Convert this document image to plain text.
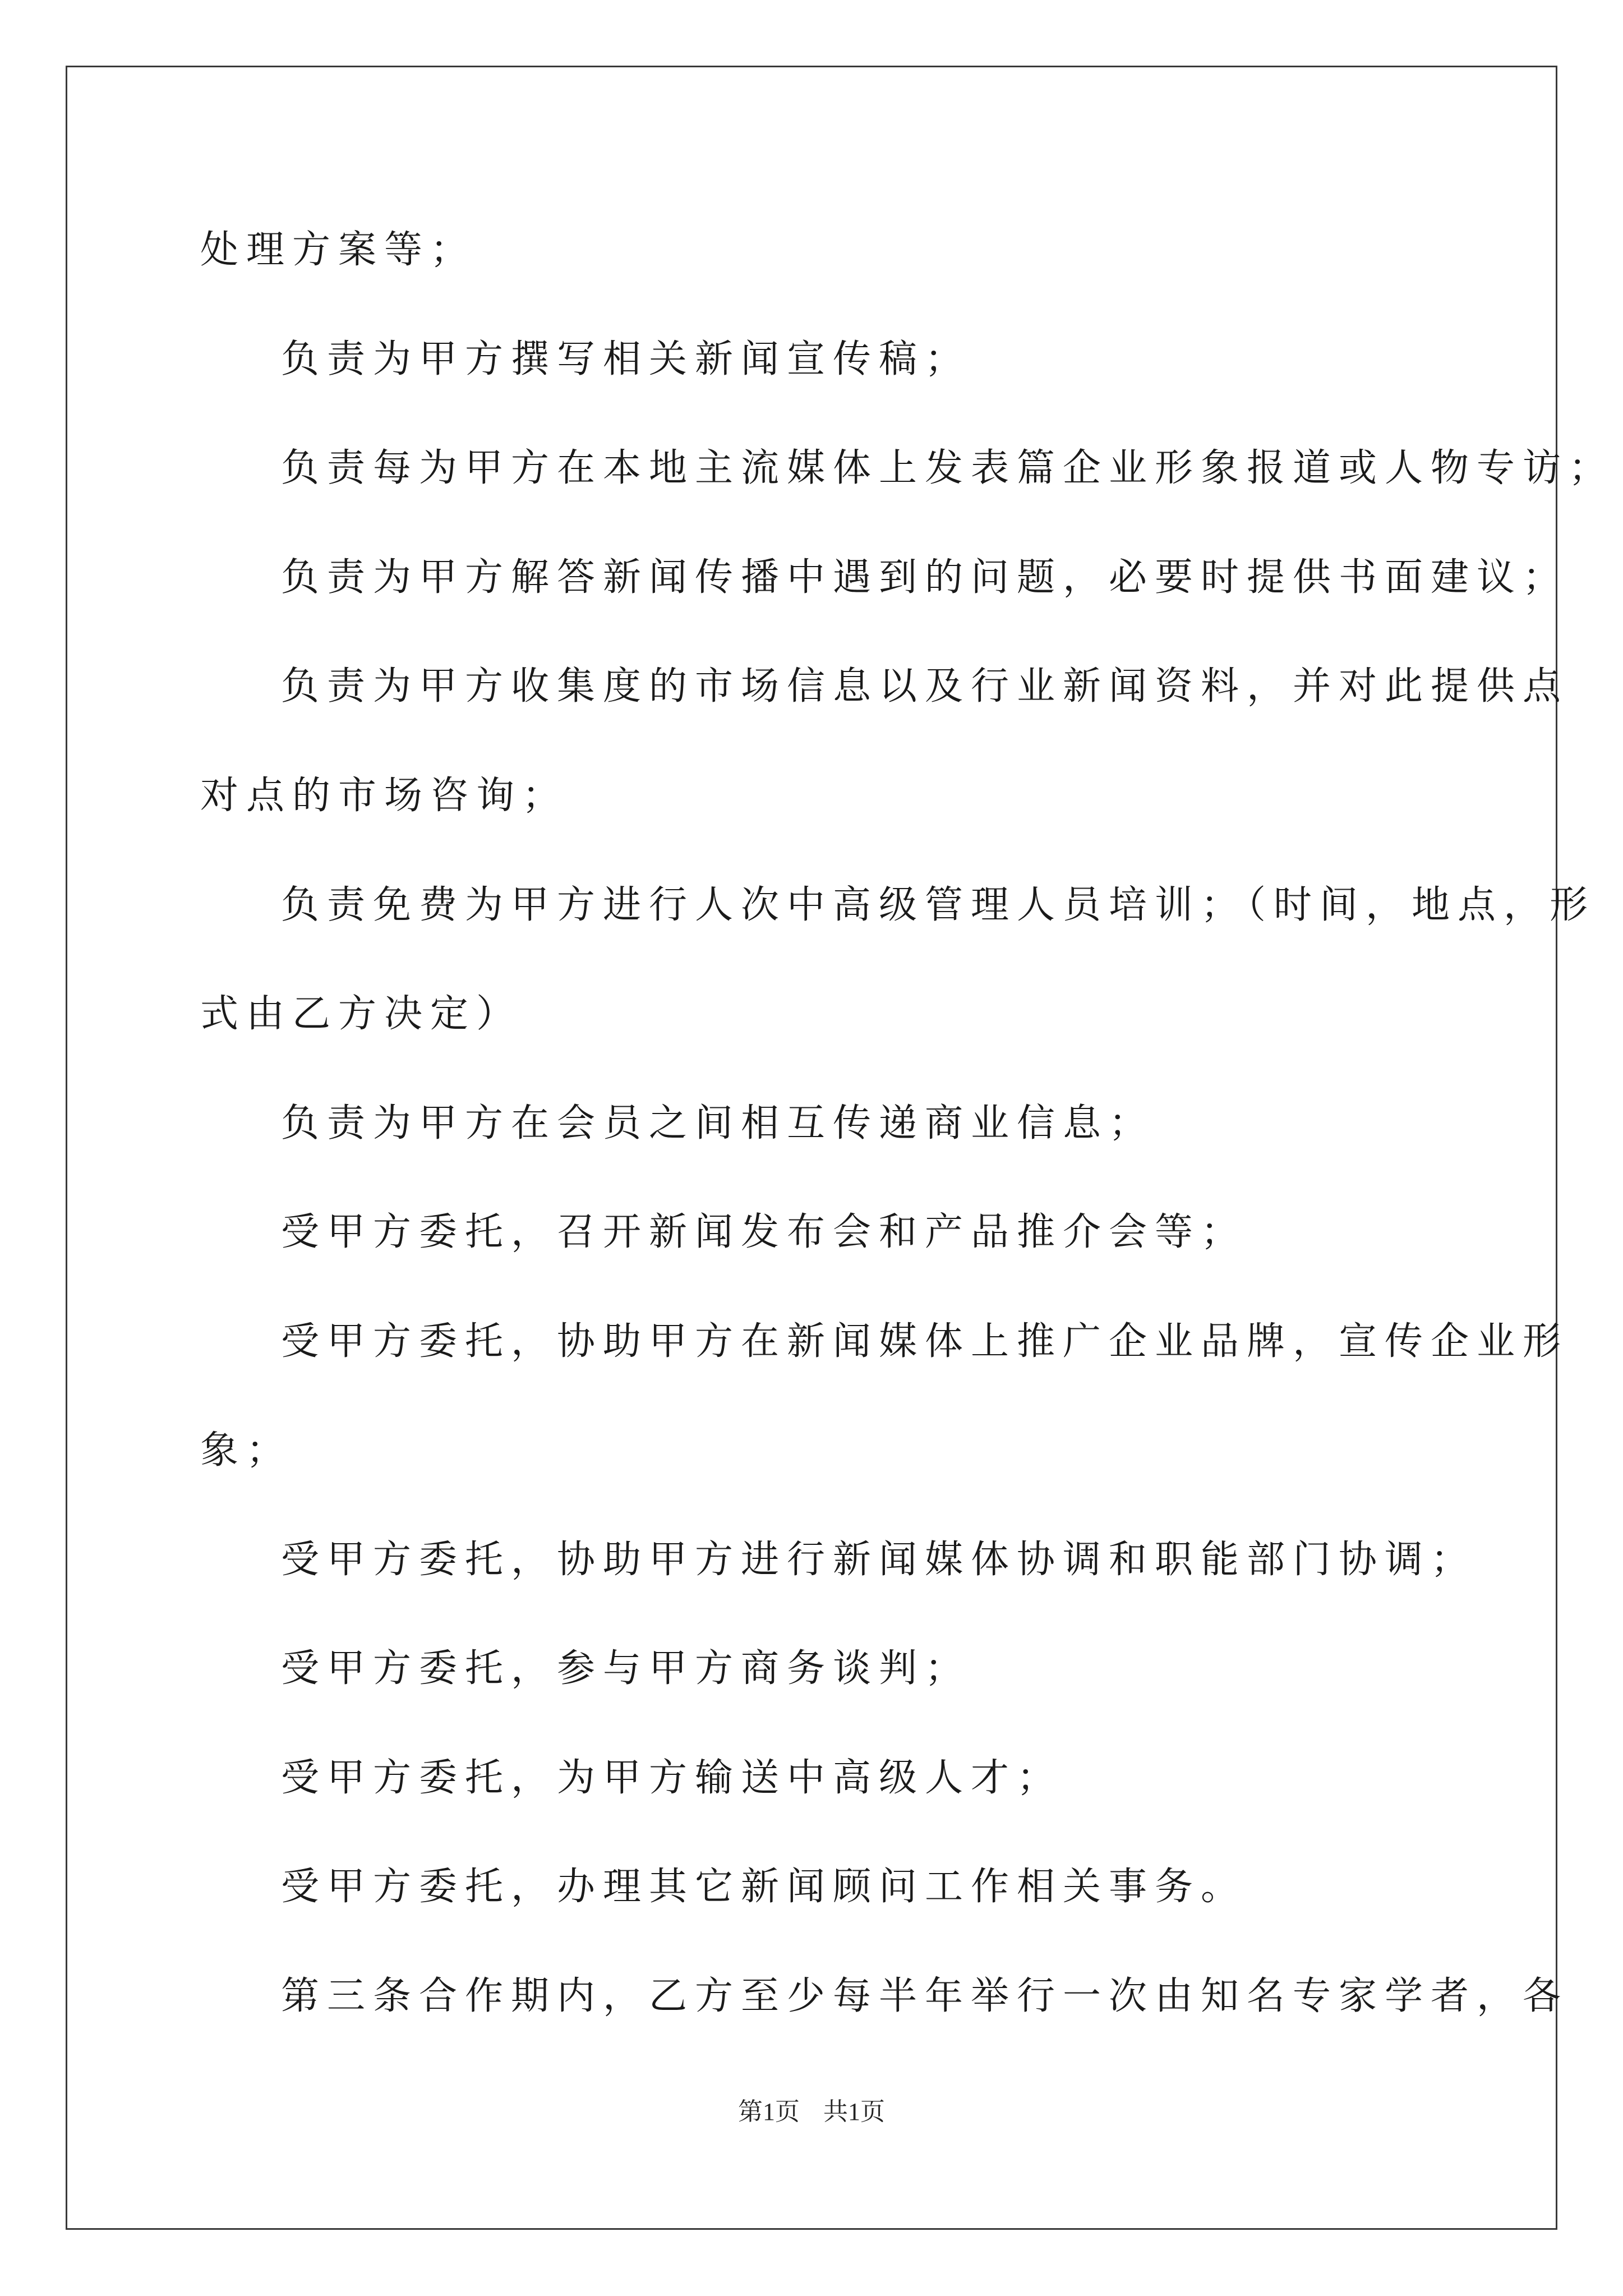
处理方案等；
负责为甲方撰写相关新闻宣传稿；
负责每为甲方在本地主流媒体上发表篇企业形象报道或人物专访；
负责为甲方解答新闻传播中遇到的问题，必要时提供书面建议；
负责为甲方收集度的市场信息以及行业新闻资料，并对此提供点
对点的市场咨询；
负责免费为甲方进行人次中高级管理人员培训；（时间，地点，形
式由乙方决定）
负责为甲方在会员之间相互传递商业信息；
受甲方委托，召开新闻发布会和产品推介会等；
受甲方委托，协助甲方在新闻媒体上推广企业品牌，宣传企业形
象；
受甲方委托，协助甲方进行新闻媒体协调和职能部门协调；
受甲方委托，参与甲方商务谈判；
受甲方委托，为甲方输送中高级人才；
受甲方委托，办理其它新闻顾问工作相关事务。
第三条合作期内，乙方至少每半年举行一次由知名专家学者，各
第1页 共1页
